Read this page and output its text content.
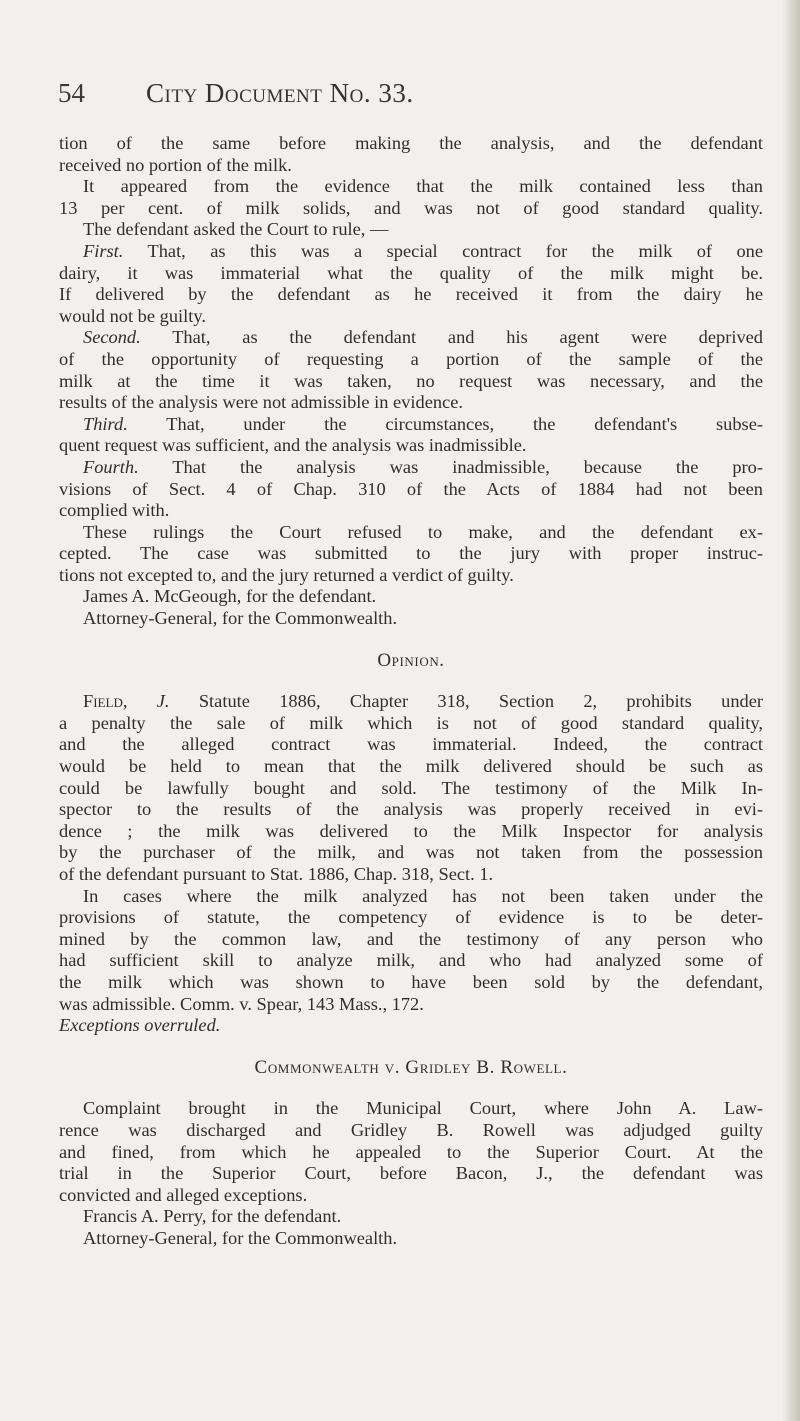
54 City Document No. 33.
tion of the same before making the analysis, and the defendant
received no portion of the milk.
It appeared from the evidence that the milk contained less than
13 per cent. of milk solids, and was not of good standard quality.
The defendant asked the Court to rule, —
First. That, as this was a special contract for the milk of one
dairy, it was immaterial what the quality of the milk might be.
If delivered by the defendant as he received it from the dairy he
would not be guilty.
Second. That, as the defendant and his agent were deprived
of the opportunity of requesting a portion of the sample of the
milk at the time it was taken, no request was necessary, and the
results of the analysis were not admissible in evidence.
Third. That, under the circumstances, the defendant's subse-
quent request was sufficient, and the analysis was inadmissible.
Fourth. That the analysis was inadmissible, because the pro-
visions of Sect. 4 of Chap. 310 of the Acts of 1884 had not been
complied with.
These rulings the Court refused to make, and the defendant ex-
cepted. The case was submitted to the jury with proper instruc-
tions not excepted to, and the jury returned a verdict of guilty.
James A. McGeough, for the defendant.
Attorney-General, for the Commonwealth.
Opinion.
Field, J. Statute 1886, Chapter 318, Section 2, prohibits under
a penalty the sale of milk which is not of good standard quality,
and the alleged contract was immaterial. Indeed, the contract
would be held to mean that the milk delivered should be such as
could be lawfully bought and sold. The testimony of the Milk In-
spector to the results of the analysis was properly received in evi-
dence ; the milk was delivered to the Milk Inspector for analysis
by the purchaser of the milk, and was not taken from the possession
of the defendant pursuant to Stat. 1886, Chap. 318, Sect. 1.
In cases where the milk analyzed has not been taken under the
provisions of statute, the competency of evidence is to be deter-
mined by the common law, and the testimony of any person who
had sufficient skill to analyze milk, and who had analyzed some of
the milk which was shown to have been sold by the defendant,
was admissible. Comm. v. Spear, 143 Mass., 172.
Exceptions overruled.
Commonwealth v. Gridley B. Rowell.
Complaint brought in the Municipal Court, where John A. Law-
rence was discharged and Gridley B. Rowell was adjudged guilty
and fined, from which he appealed to the Superior Court. At the
trial in the Superior Court, before Bacon, J., the defendant was
convicted and alleged exceptions.
Francis A. Perry, for the defendant.
Attorney-General, for the Commonwealth.
